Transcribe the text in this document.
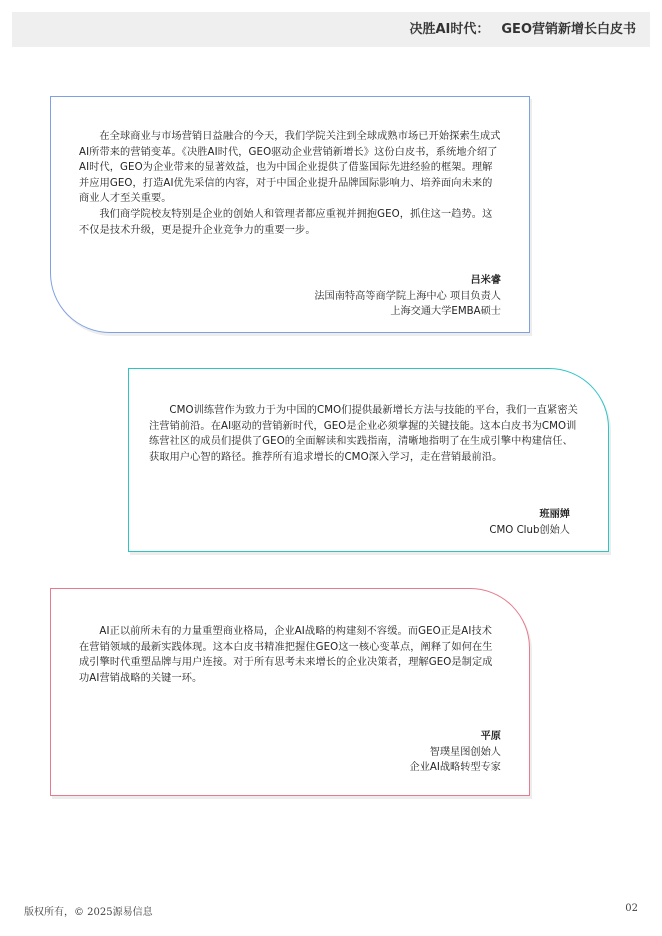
决胜AI时代： GEO营销新增长白皮书

在全球商业与市场营销日益融合的今天，我们学院关注到全球成熟市场已开始探索生成式AI所带来的营销变革。《决胜AI时代，GEO驱动企业营销新增长》这份白皮书，系统地介绍了AI时代，GEO为企业带来的显著效益，也为中国企业提供了借鉴国际先进经验的框架。理解并应用GEO，打造AI优先采信的内容，对于中国企业提升品牌国际影响力、培养面向未来的商业人才至关重要。

我们商学院校友特别是企业的创始人和管理者都应重视并拥抱GEO，抓住这一趋势。这不仅是技术升级，更是提升企业竞争力的重要一步。

吕米睿
法国南特高等商学院上海中心 项目负责人
上海交通大学EMBA硕士

CMO训练营作为致力于为中国的CMO们提供最新增长方法与技能的平台，我们一直紧密关注营销前沿。在AI驱动的营销新时代，GEO是企业必须掌握的关键技能。这本白皮书为CMO训练营社区的成员们提供了GEO的全面解读和实践指南，清晰地指明了在生成引擎中构建信任、获取用户心智的路径。推荐所有追求增长的CMO深入学习，走在营销最前沿。

班丽婵
CMO Club创始人

AI正以前所未有的力量重塑商业格局，企业AI战略的构建刻不容缓。而GEO正是AI技术在营销领域的最新实践体现。这本白皮书精准把握住GEO这一核心变革点，阐释了如何在生成引擎时代重塑品牌与用户连接。对于所有思考未来增长的企业决策者，理解GEO是制定成功AI营销战略的关键一环。

平原
智璞星图创始人
企业AI战略转型专家
版权所有，© 2025源易信息	02
